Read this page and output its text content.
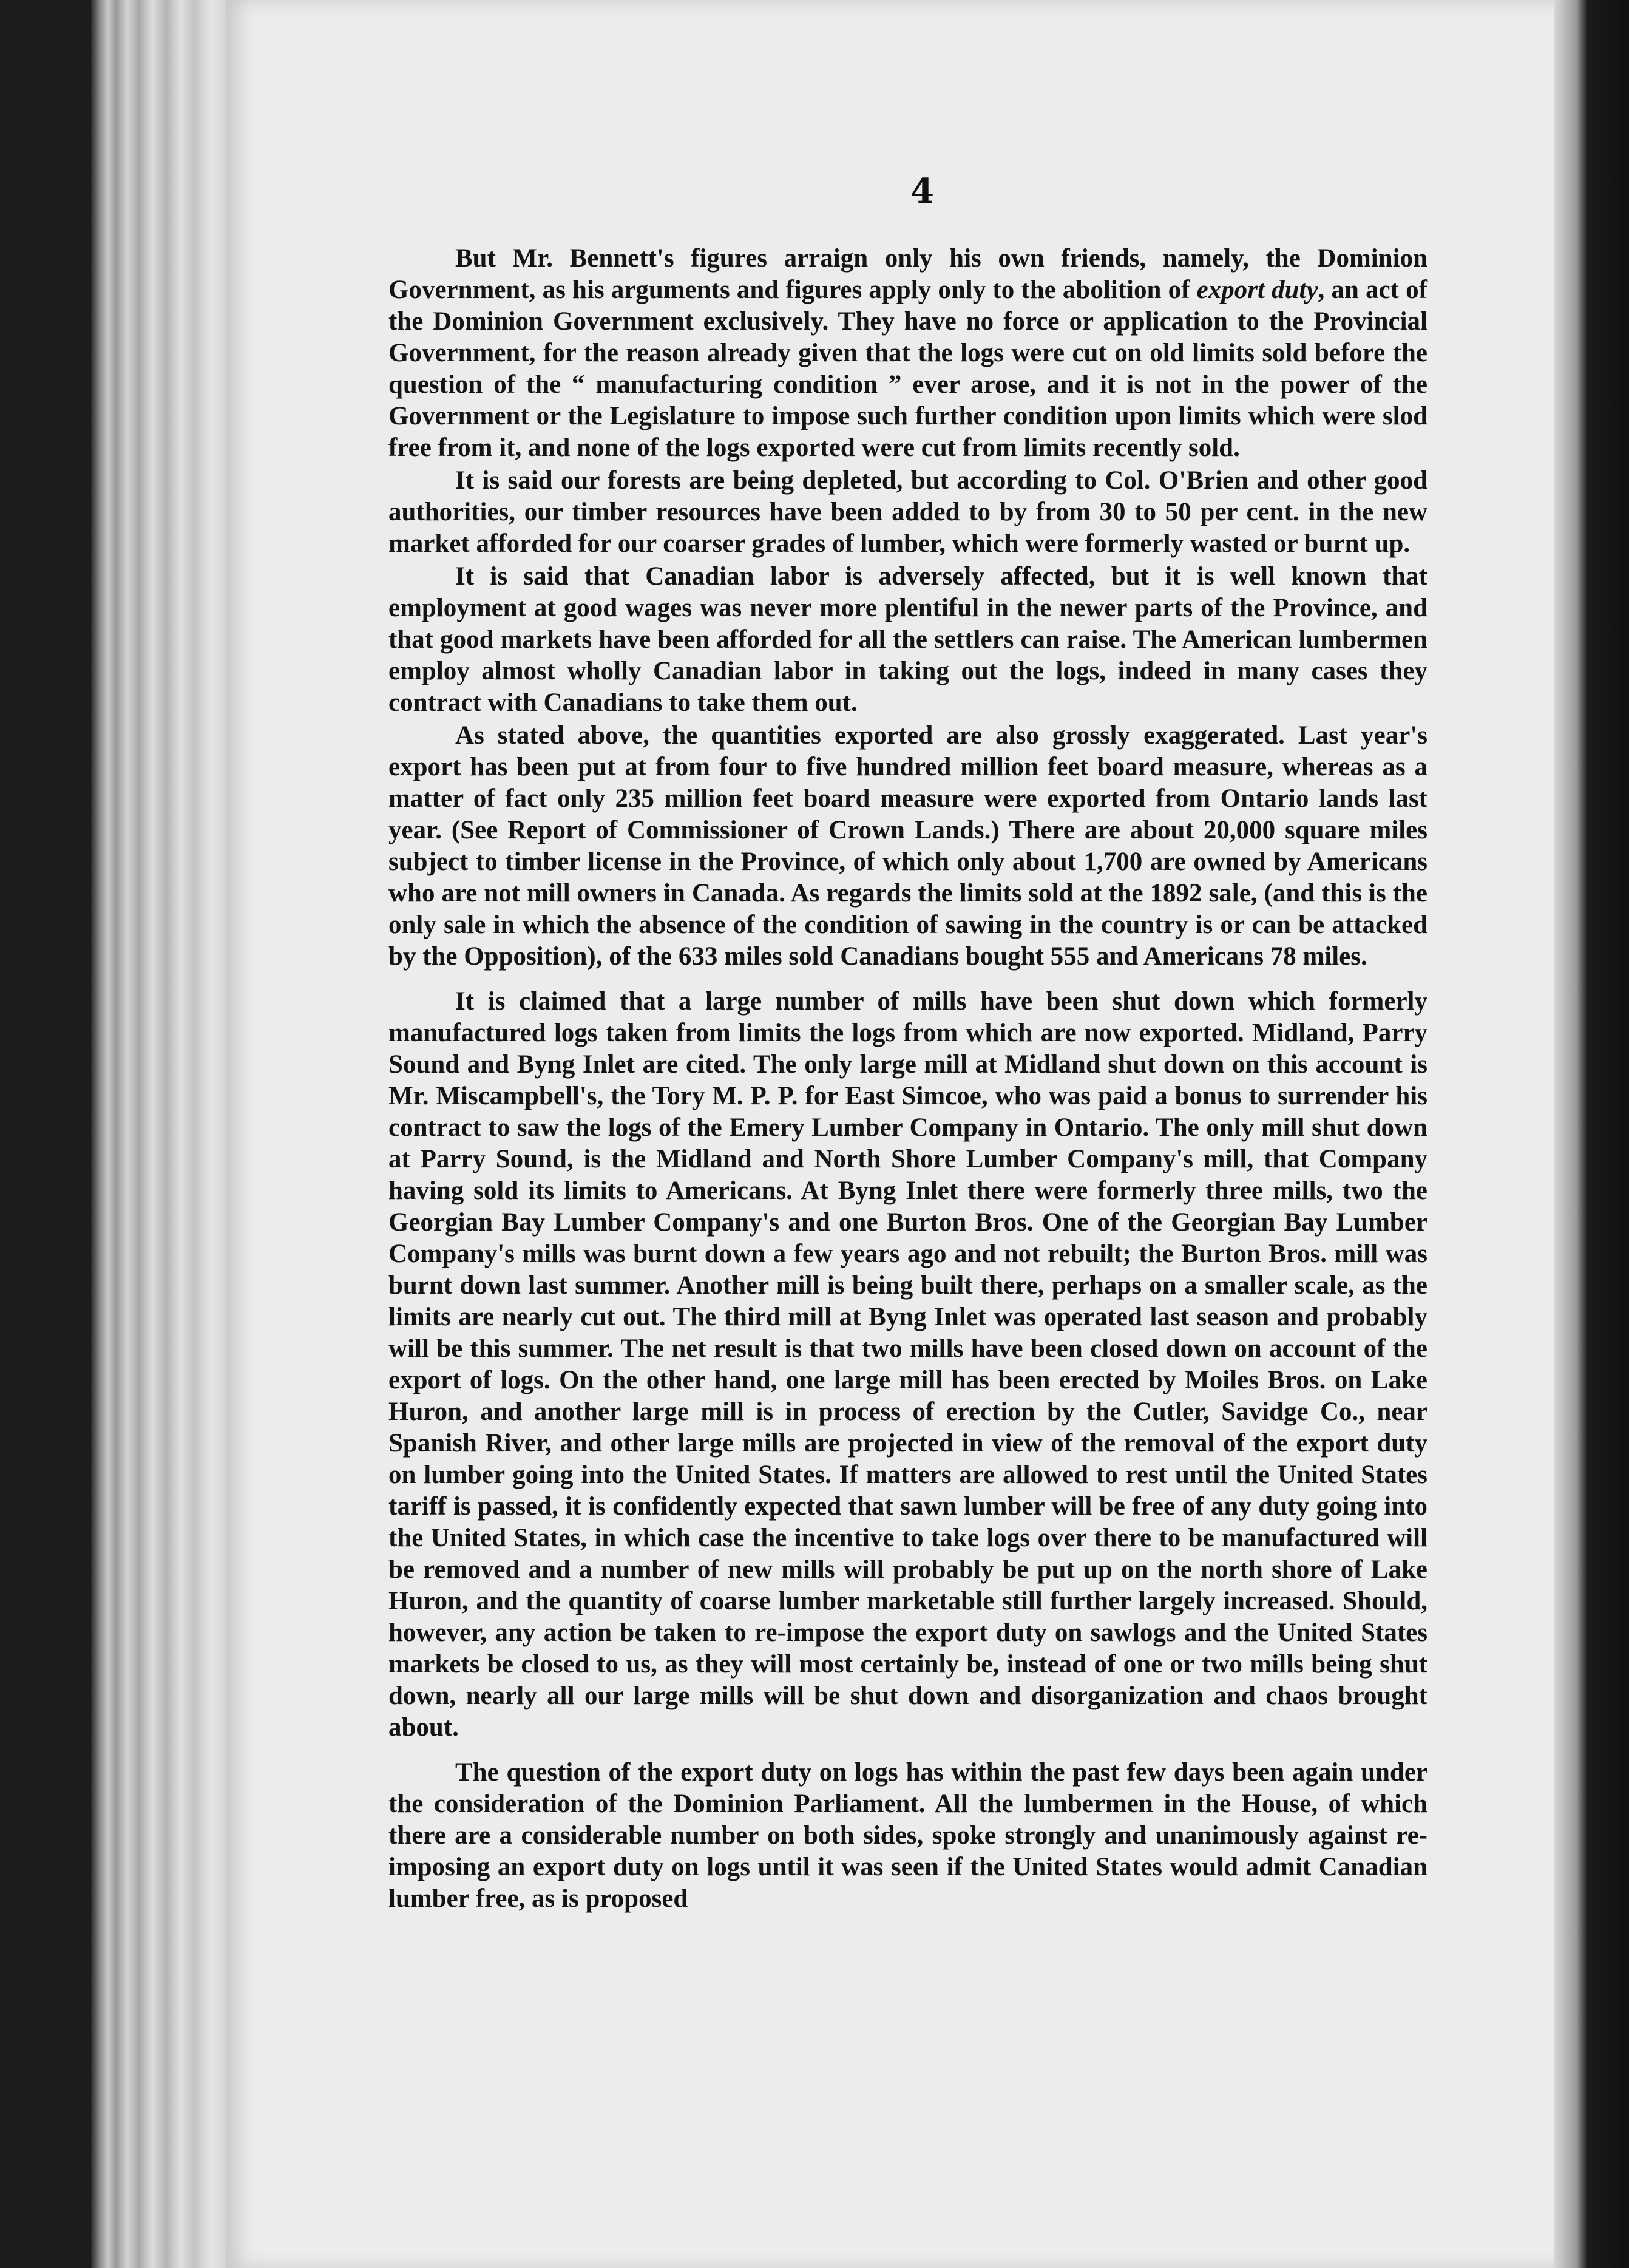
4

But Mr. Bennett's figures arraign only his own friends, namely, the Dominion Government, as his arguments and figures apply only to the abolition of export duty, an act of the Dominion Government exclusively. They have no force or application to the Provincial Government, for the reason already given that the logs were cut on old limits sold before the question of the “ manufacturing condition ” ever arose, and it is not in the power of the Government or the Legislature to impose such further condition upon limits which were slod free from it, and none of the logs exported were cut from limits recently sold.

It is said our forests are being depleted, but according to Col. O'Brien and other good authorities, our timber resources have been added to by from 30 to 50 per cent. in the new market afforded for our coarser grades of lumber, which were formerly wasted or burnt up.

It is said that Canadian labor is adversely affected, but it is well known that employment at good wages was never more plentiful in the newer parts of the Province, and that good markets have been afforded for all the settlers can raise. The American lumbermen employ almost wholly Canadian labor in taking out the logs, indeed in many cases they contract with Canadians to take them out.

As stated above, the quantities exported are also grossly exaggerated. Last year's export has been put at from four to five hundred million feet board measure, whereas as a matter of fact only 235 million feet board measure were exported from Ontario lands last year. (See Report of Commissioner of Crown Lands.) There are about 20,000 square miles subject to timber license in the Province, of which only about 1,700 are owned by Americans who are not mill owners in Canada. As regards the limits sold at the 1892 sale, (and this is the only sale in which the absence of the condition of sawing in the country is or can be attacked by the Opposition), of the 633 miles sold Canadians bought 555 and Americans 78 miles.

It is claimed that a large number of mills have been shut down which formerly manufactured logs taken from limits the logs from which are now exported. Midland, Parry Sound and Byng Inlet are cited. The only large mill at Midland shut down on this account is Mr. Miscampbell's, the Tory M. P. P. for East Simcoe, who was paid a bonus to surrender his contract to saw the logs of the Emery Lumber Company in Ontario. The only mill shut down at Parry Sound, is the Midland and North Shore Lumber Company's mill, that Company having sold its limits to Americans. At Byng Inlet there were formerly three mills, two the Georgian Bay Lumber Company's and one Burton Bros. One of the Georgian Bay Lumber Company's mills was burnt down a few years ago and not rebuilt; the Burton Bros. mill was burnt down last summer. Another mill is being built there, perhaps on a smaller scale, as the limits are nearly cut out. The third mill at Byng Inlet was operated last season and probably will be this summer. The net result is that two mills have been closed down on account of the export of logs. On the other hand, one large mill has been erected by Moiles Bros. on Lake Huron, and another large mill is in process of erection by the Cutler, Savidge Co., near Spanish River, and other large mills are projected in view of the removal of the export duty on lumber going into the United States. If matters are allowed to rest until the United States tariff is passed, it is confidently expected that sawn lumber will be free of any duty going into the United States, in which case the incentive to take logs over there to be manufactured will be removed and a number of new mills will probably be put up on the north shore of Lake Huron, and the quantity of coarse lumber marketable still further largely increased. Should, however, any action be taken to re-impose the export duty on sawlogs and the United States markets be closed to us, as they will most certainly be, instead of one or two mills being shut down, nearly all our large mills will be shut down and disorganization and chaos brought about.

The question of the export duty on logs has within the past few days been again under the consideration of the Dominion Parliament. All the lumbermen in the House, of which there are a considerable number on both sides, spoke strongly and unanimously against re-imposing an export duty on logs until it was seen if the United States would admit Canadian lumber free, as is proposed
